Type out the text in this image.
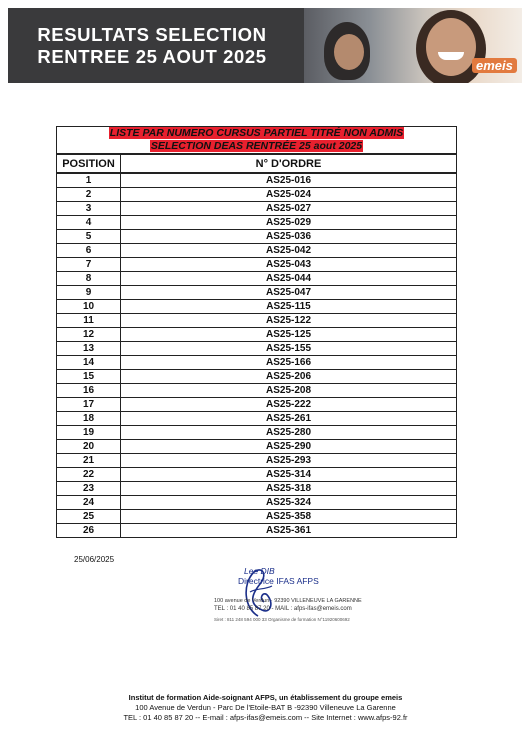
RESULTATS SELECTION
RENTREE 25 AOUT 2025	emeis
LISTE PAR NUMERO CURSUS PARTIEL TITRÉ NON ADMIS
SELECTION DEAS RENTRÉE 25 aout 2025	

POSITION	N° D'ORDRE
1	AS25-016
2	AS25-024
3	AS25-027
4	AS25-029
5	AS25-036
6	AS25-042
7	AS25-043
8	AS25-044
9	AS25-047
10	AS25-115
11	AS25-122
12	AS25-125
13	AS25-155
14	AS25-166
15	AS25-206
16	AS25-208
17	AS25-222
18	AS25-261
19	AS25-280
20	AS25-290
21	AS25-293
22	AS25-314
23	AS25-318
24	AS25-324
25	AS25-358
26	AS25-361
25/06/2025
Lee DIB
Directrice IFAS AFPS
100 avenue de Verdun · 92390 VILLENEUVE LA GARENNE
TEL : 01 40 85 87 20 - MAIL : afps-ifas@emeis.com
Siret : 811 248 594 000 33 Organisme de formation N°11920600692
Institut de formation Aide-soignant AFPS, un établissement du groupe emeis
100 Avenue de Verdun - Parc De l'Etoile-BAT B -92390 Villeneuve La Garenne
TEL : 01 40 85 87 20 -- E-mail : afps-ifas@emeis.com -- Site Internet : www.afps-92.fr
